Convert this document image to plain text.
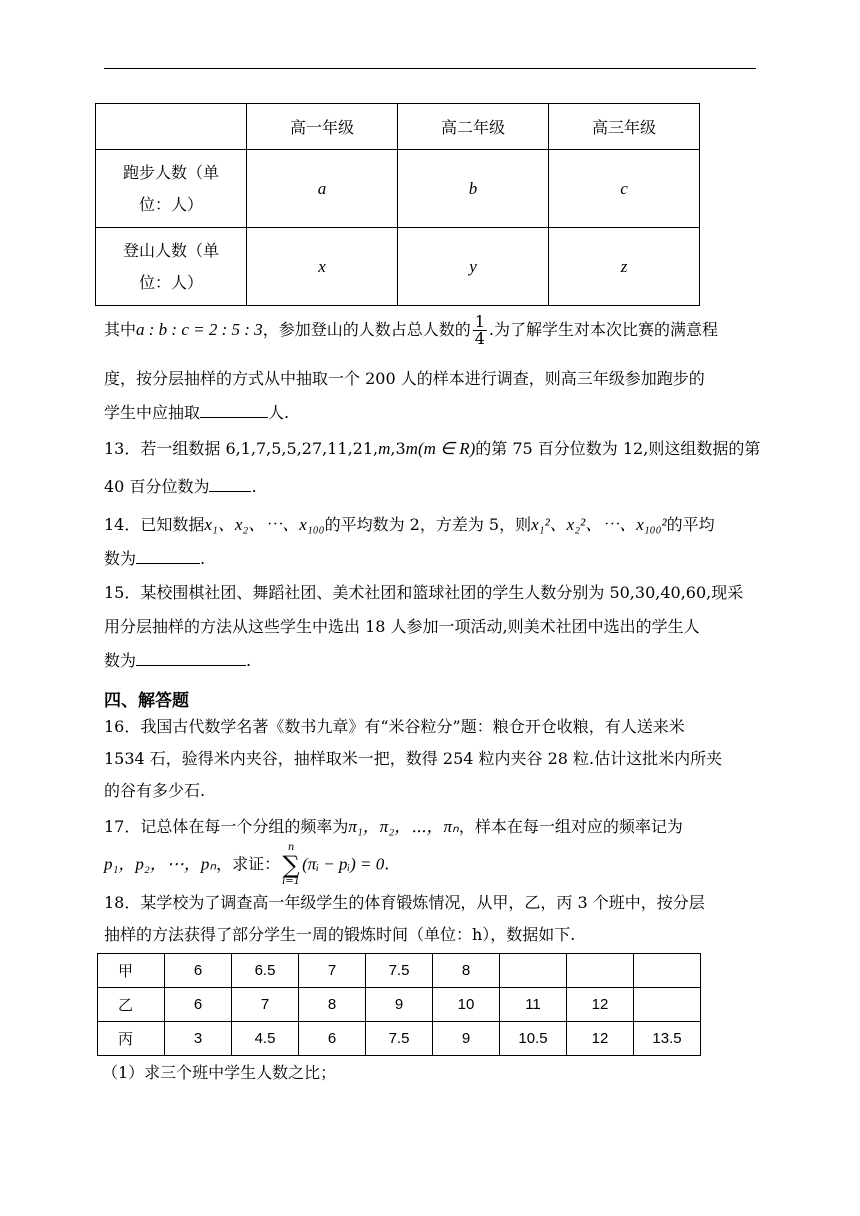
	高一年级	高二年级	高三年级
跑步人数（单
位：人）	a	b	c
登山人数（单
位：人）	x	y	z
其中a : b : c = 2 : 5 : 3，参加登山的人数占总人数的 $\frac{1}{4}$ .为了解学生对本次比赛的满意程
度，按分层抽样的方式从中抽取一个 200 人的样本进行调查，则高三年级参加跑步的
学生中应抽取	人.
13．若一组数据 6,1,7,5,5,27,11,21,m,3m(m ∈ R)的第 75 百分位数为 12,则这组数据的第
40 百分位数为	.
14．已知数据x₁、x₂、⋯、x₁₀₀的平均数为 2，方差为 5，则x₁²、x₂²、⋯、x₁₀₀²的平均
数为	.
15．某校围棋社团、舞蹈社团、美术社团和篮球社团的学生人数分别为 50,30,40,60,现采
用分层抽样的方法从这些学生中选出 18 人参加一项活动,则美术社团中选出的学生人
数为	.
四、解答题
16．我国古代数学名著《数书九章》有“米谷粒分”题：粮仓开仓收粮，有人送来米
1534 石，验得米内夹谷，抽样取米一把，数得 254 粒内夹谷 28 粒.估计这批米内所夹
的谷有多少石.
17．记总体在每一个分组的频率为π₁，π₂，⋯，πₙ，样本在每一组对应的频率记为
p₁，p₂，⋯，pₙ，求证：
n
∑
i=1
(πᵢ − pᵢ) = 0.
18．某学校为了调查高一年级学生的体育锻炼情况，从甲，乙，丙 3 个班中，按分层
抽样的方法获得了部分学生一周的锻炼时间（单位：h），数据如下.
甲	6	6.5	7	7.5	8			
乙	6	7	8	9	10	11	12	
丙	3	4.5	6	7.5	9	10.5	12	13.5
（1）求三个班中学生人数之比；
